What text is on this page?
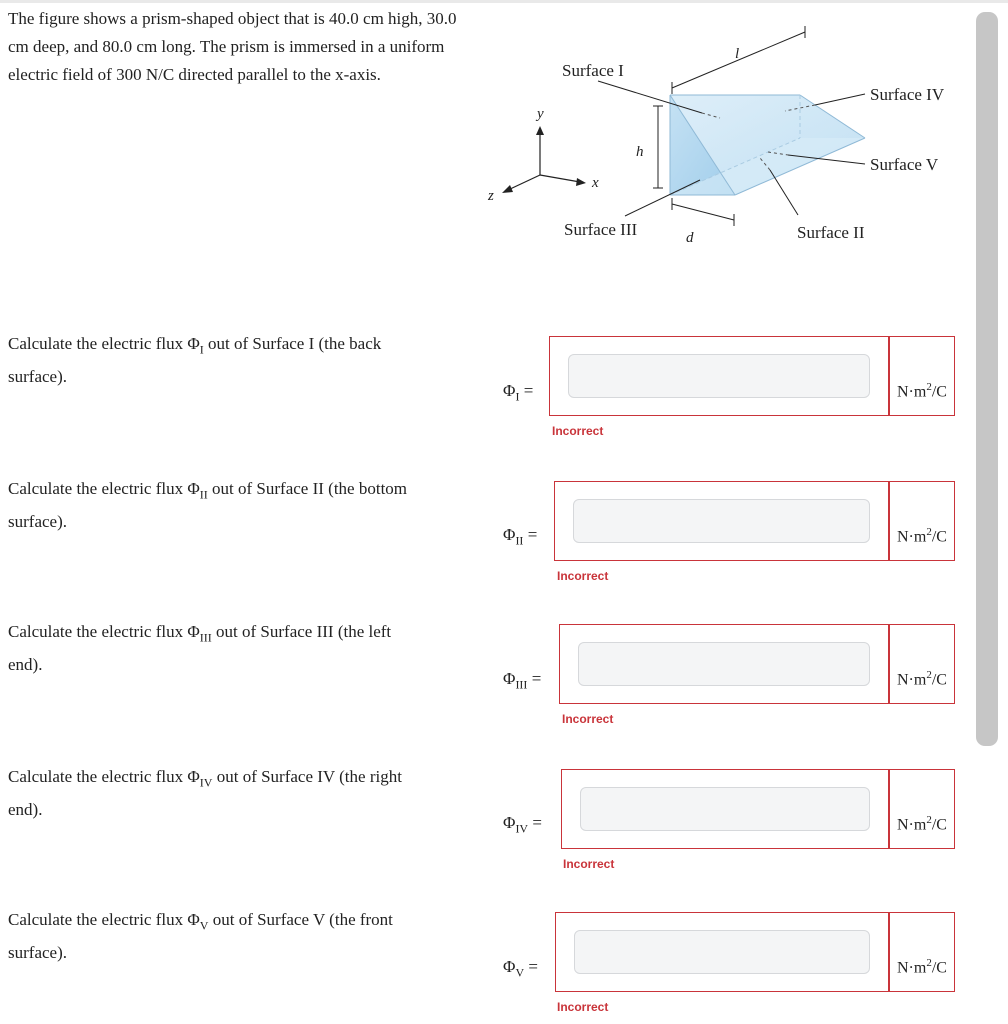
The figure shows a prism-shaped object that is 40.0 cm high, 30.0 cm deep, and 80.0 cm long. The prism is immersed in a uniform electric field of 300 N/C directed parallel to the x-axis.
y
x
z
l
h
d
Surface I
Surface IV
Surface V
Surface III	Surface II
Calculate the electric flux $\Phi_I$ out of Surface I (the back surface).
$\Phi_I$ =
Incorrect
$N\cdot m^2/C$
Calculate the electric flux $\Phi_{II}$ out of Surface II (the bottom surface).
$\Phi_{II}$ =
Incorrect
$N\cdot m^2/C$
Calculate the electric flux $\Phi_{III}$ out of Surface III (the left end).
$\Phi_{III}$ =
Incorrect
$N\cdot m^2/C$
Calculate the electric flux $\Phi_{IV}$ out of Surface IV (the right end).
$\Phi_{IV}$ =
Incorrect
$N\cdot m^2/C$
Calculate the electric flux $\Phi_V$ out of Surface V (the front surface).
$\Phi_V$ =
Incorrect
$N\cdot m^2/C$
